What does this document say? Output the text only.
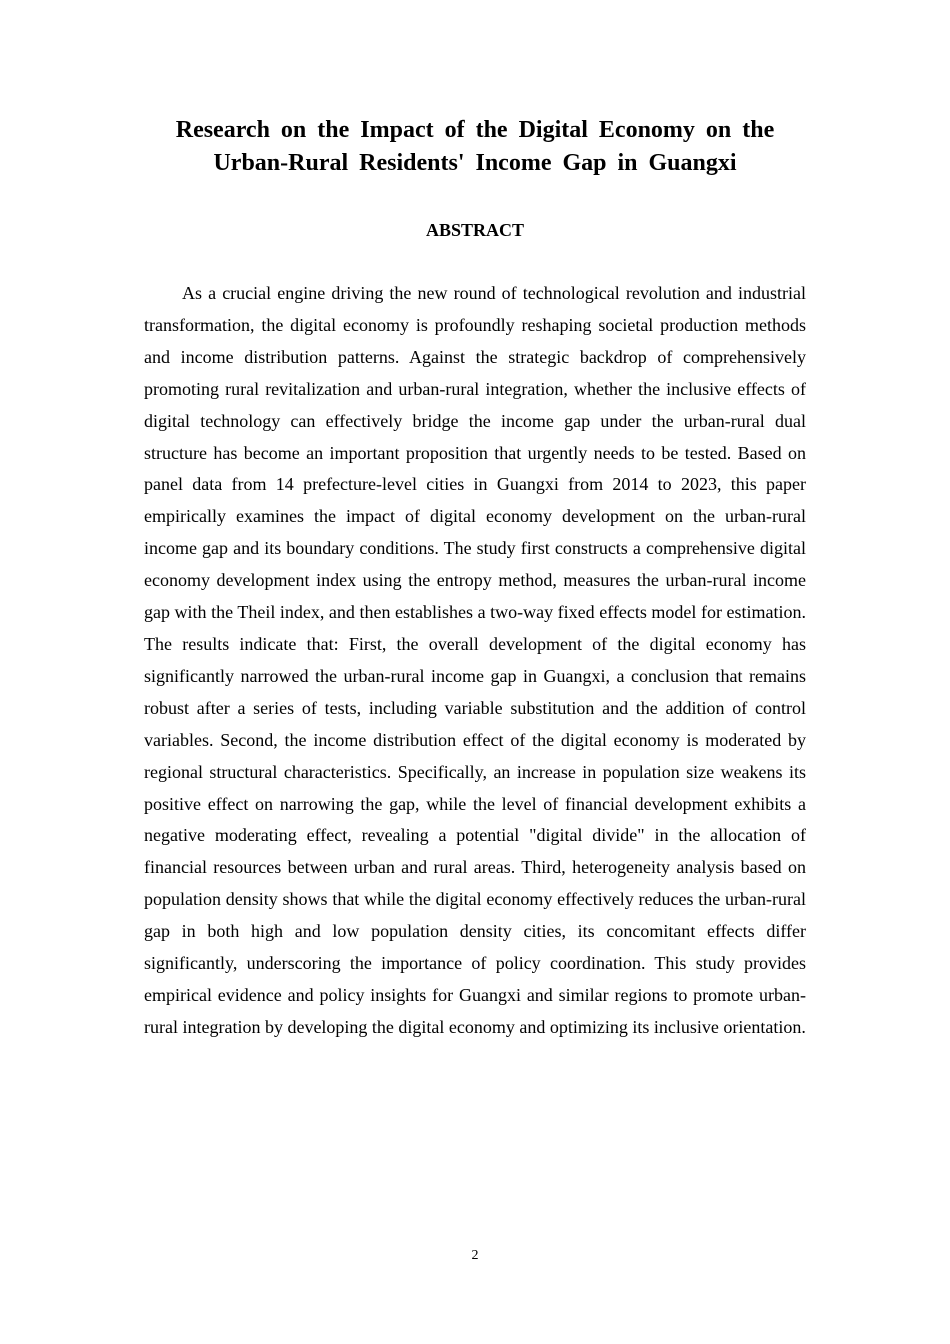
Research on the Impact of the Digital Economy on the Urban-Rural Residents' Income Gap in Guangxi
ABSTRACT

As a crucial engine driving the new round of technological revolution and industrial transformation, the digital economy is profoundly reshaping societal production methods and income distribution patterns. Against the strategic backdrop of comprehensively promoting rural revitalization and urban-rural integration, whether the inclusive effects of digital technology can effectively bridge the income gap under the urban-rural dual structure has become an important proposition that urgently needs to be tested. Based on panel data from 14 prefecture-level cities in Guangxi from 2014 to 2023, this paper empirically examines the impact of digital economy development on the urban-rural income gap and its boundary conditions. The study first constructs a comprehensive digital economy development index using the entropy method, measures the urban-rural income gap with the Theil index, and then establishes a two-way fixed effects model for estimation. The results indicate that: First, the overall development of the digital economy has significantly narrowed the urban-rural income gap in Guangxi, a conclusion that remains robust after a series of tests, including variable substitution and the addition of control variables. Second, the income distribution effect of the digital economy is moderated by regional structural characteristics. Specifically, an increase in population size weakens its positive effect on narrowing the gap, while the level of financial development exhibits a negative moderating effect, revealing a potential "digital divide" in the allocation of financial resources between urban and rural areas. Third, heterogeneity analysis based on population density shows that while the digital economy effectively reduces the urban-rural gap in both high and low population density cities, its concomitant effects differ significantly, underscoring the importance of policy coordination. This study provides empirical evidence and policy insights for Guangxi and similar regions to promote urban-rural integration by developing the digital economy and optimizing its inclusive orientation.

2
